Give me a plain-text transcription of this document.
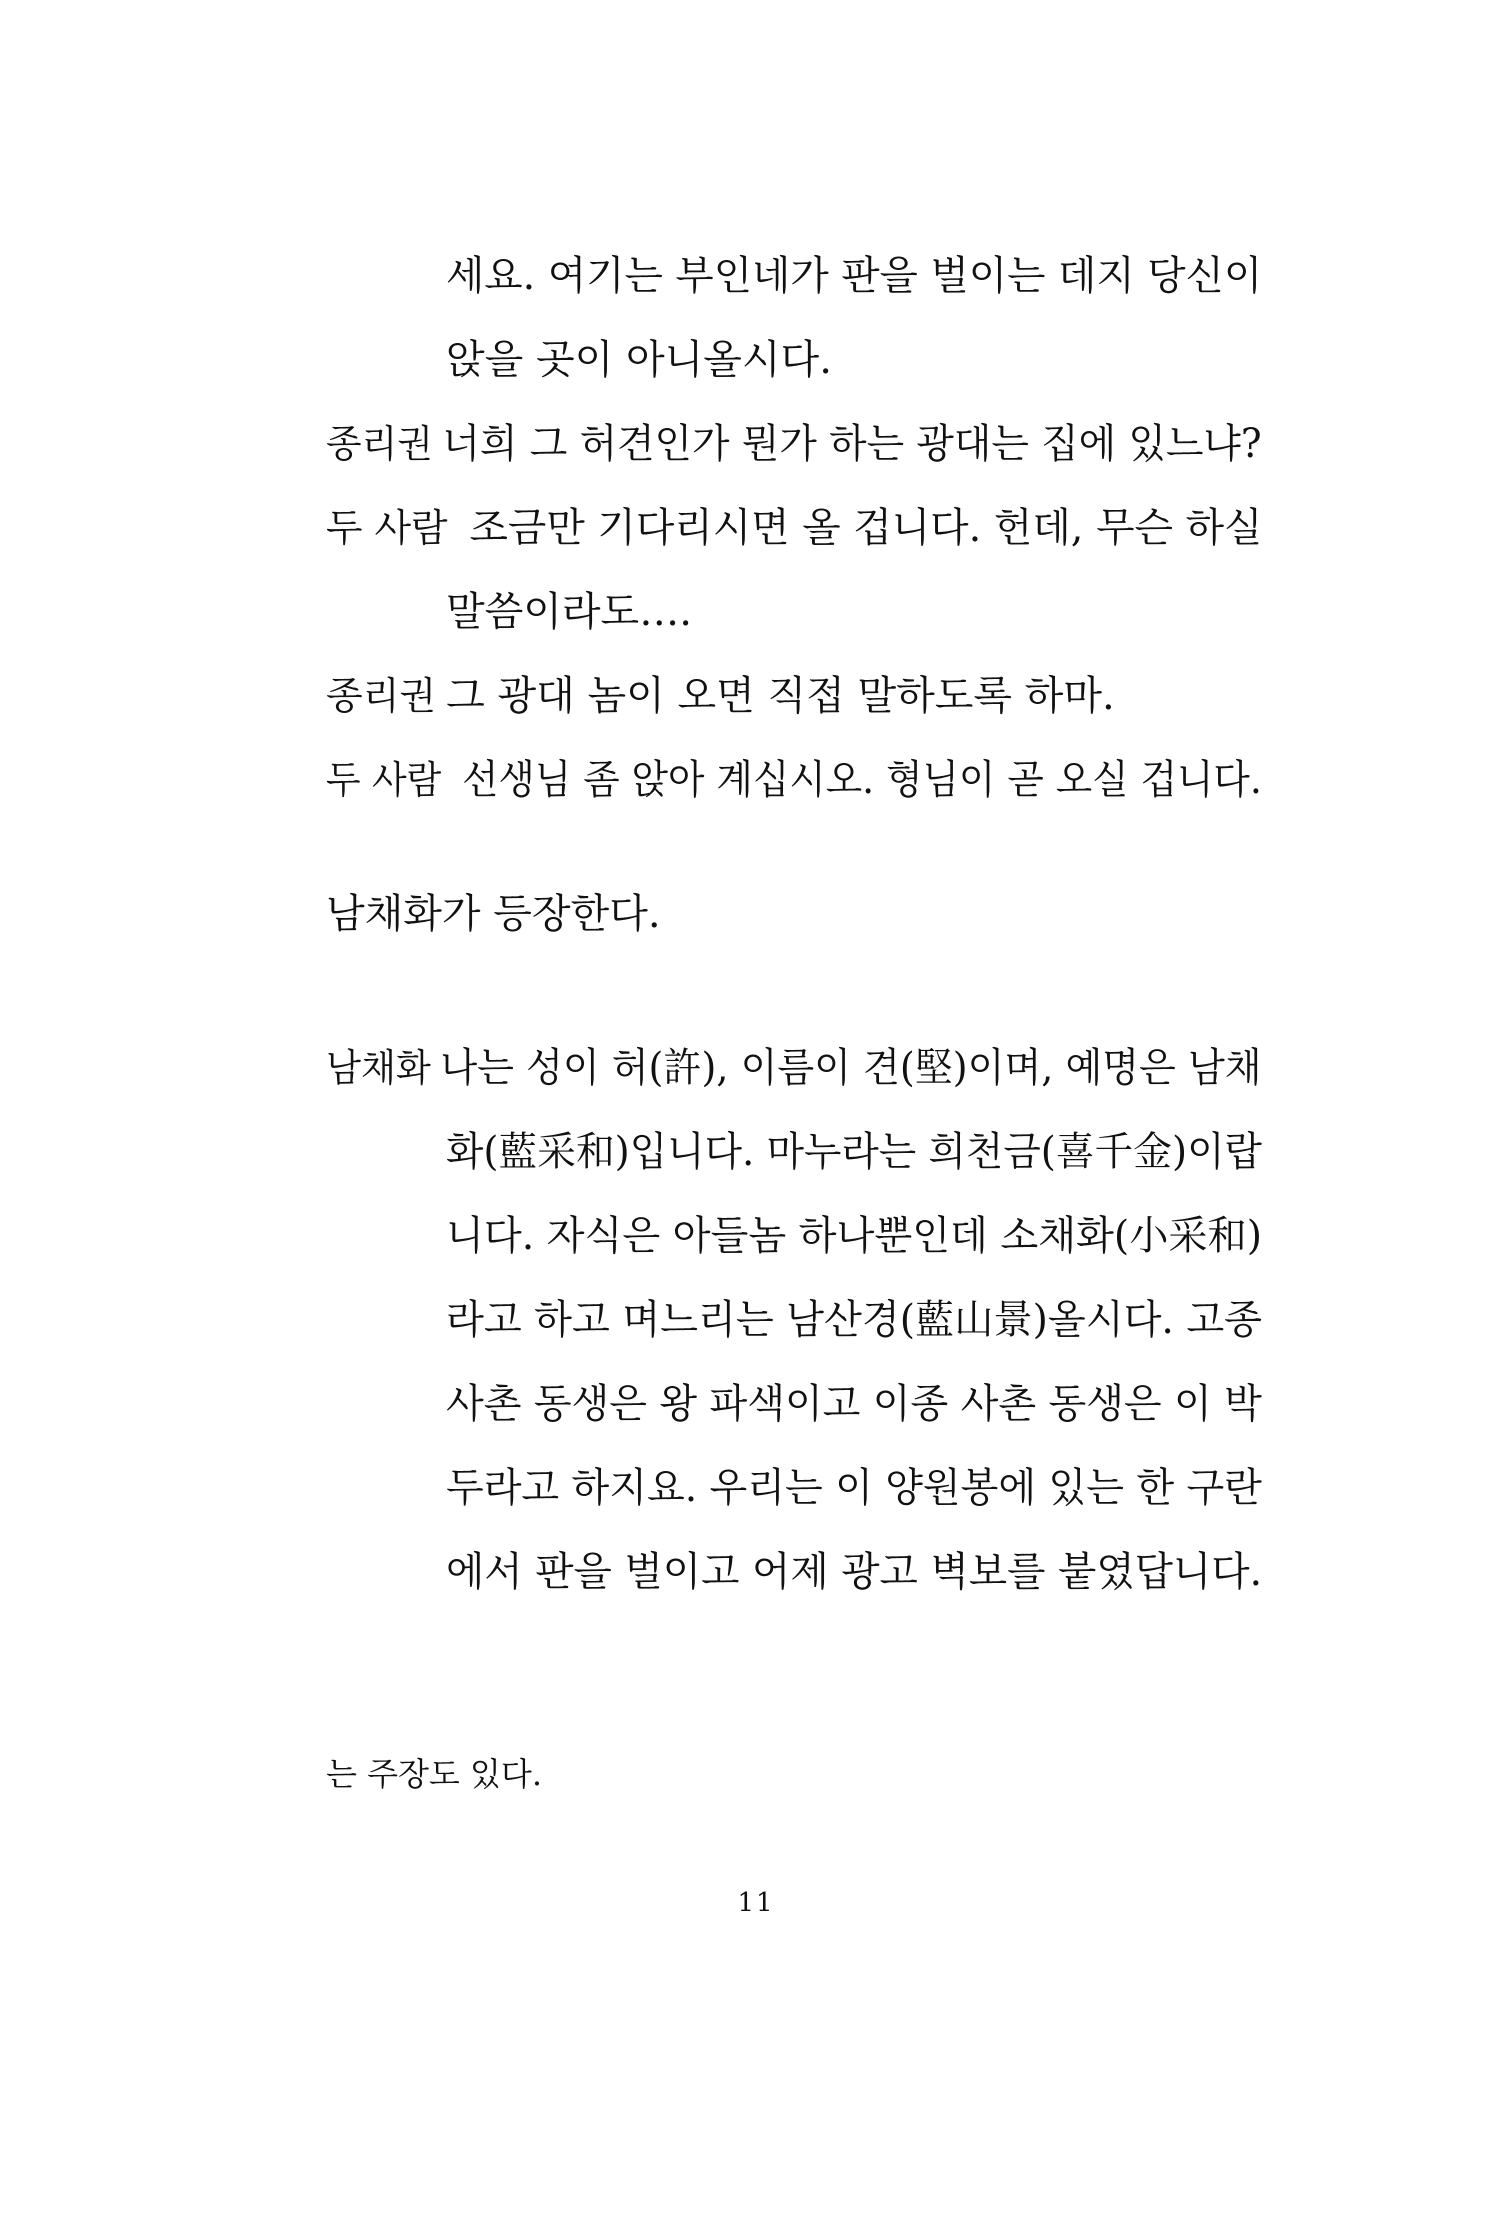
세요. 여기는 부인네가 판을 벌이는 데지 당신이
앉을 곳이 아니올시다.
종리권 너희 그 허견인가 뭔가 하는 광대는 집에 있느냐?
두 사람 조금만 기다리시면 올 겁니다. 헌데, 무슨 하실
말씀이라도….
종리권 그 광대 놈이 오면 직접 말하도록 하마.
두 사람 선생님 좀 앉아 계십시오. 형님이 곧 오실 겁니다.
남채화가 등장한다.
남채화 나는 성이 허(許), 이름이 견(堅)이며, 예명은 남채
화(藍采和)입니다. 마누라는 희천금(喜千金)이랍
니다. 자식은 아들놈 하나뿐인데 소채화(小采和)
라고 하고 며느리는 남산경(藍山景)올시다. 고종
사촌 동생은 왕 파색이고 이종 사촌 동생은 이 박
두라고 하지요. 우리는 이 양원봉에 있는 한 구란
에서 판을 벌이고 어제 광고 벽보를 붙였답니다.
는 주장도 있다.
11
